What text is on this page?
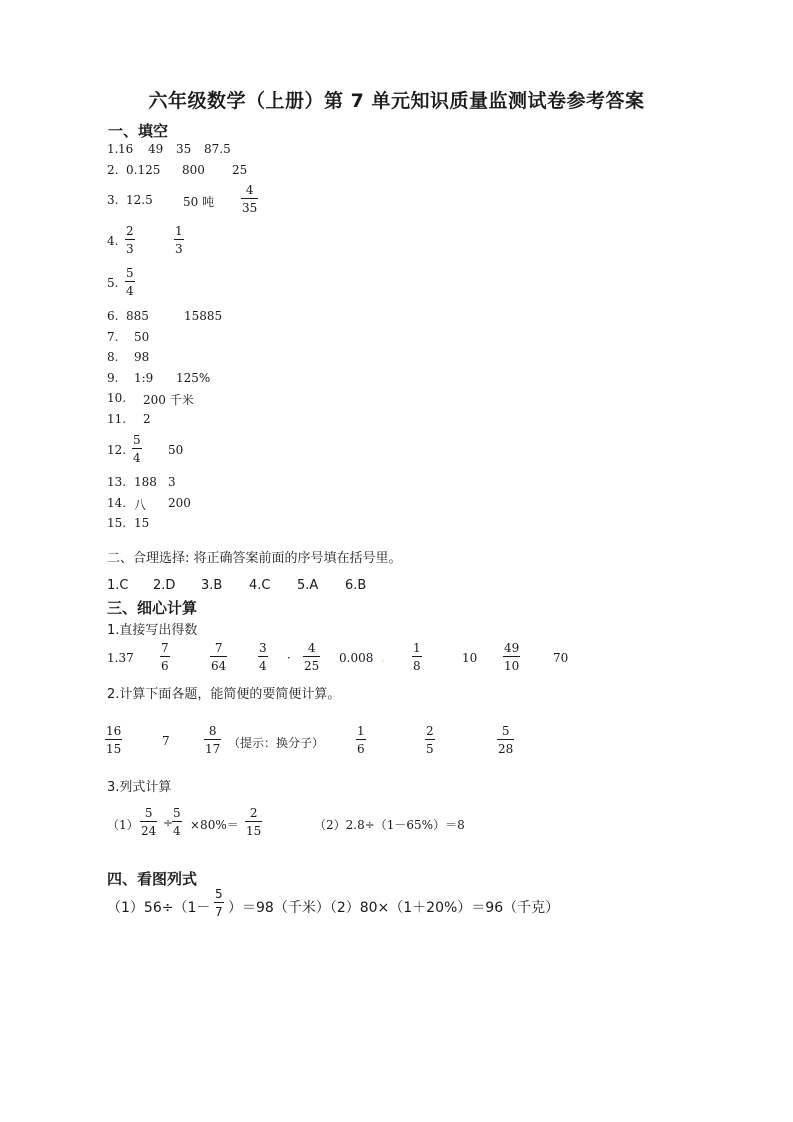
六年级数学（上册）第 7 单元知识质量监测试卷参考答案
一、填空
1. 16 49 35 87.5
2. 0.125 800 25
3. 12.5	50 吨
4
35
4.
2
3
1
3
5.
5
4
6. 885	15885
7. 50
8. 98
9. 1:9 125%
10. 200 千米
11. 2
12.
5
4
50
13. 188 3
14. 八 200
15. 15
二、合理选择: 将正确答案前面的序号填在括号里。
1.C 2.D 3.B 4.C 5.A 6.B
三、细心计算
1.直接写出得数
1.37
7
6
7
64
3
4
·
4
25
0.008 .
1
8
10
49
10
70
2.计算下面各题，能简便的要简便计算。
16
15
7
8
17 （提示：换分子）
1
6
2
5
5
28
3.列式计算
（1）
5
24
÷
5
4 ×80%＝
2
15	（2）2.8÷（1－65%）＝8
四、看图列式
（1）56÷（1－
5
7 ）＝98（千米）（2）80×（1＋20%）＝96（千克）
